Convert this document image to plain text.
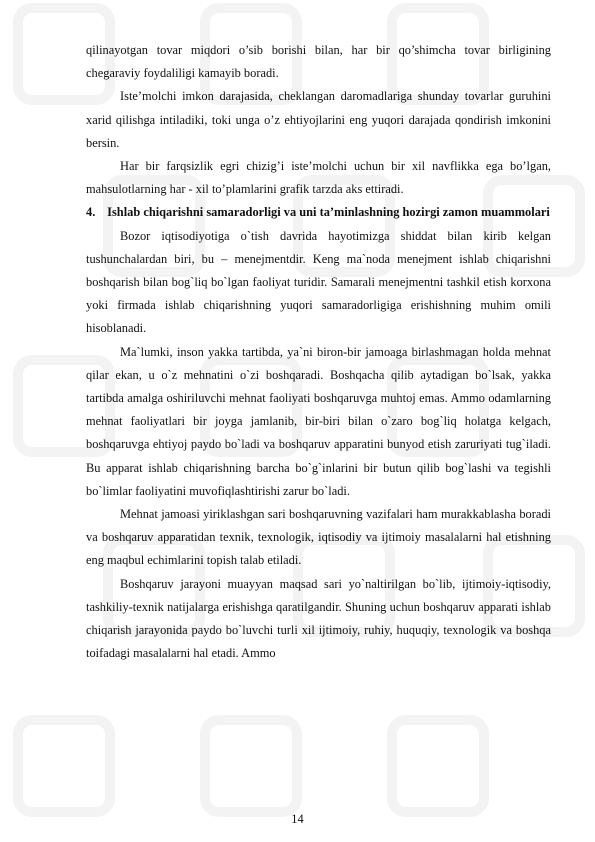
qilinayotgan tovar miqdori o’sib borishi bilan, har bir qo’shimcha tovar birligining chegaraviy foydaliligi kamayib boradi.

Iste’molchi imkon darajasida, cheklangan daromadlariga shunday tovarlar guruhini xarid qilishga intiladiki, toki unga o’z ehtiyojlarini eng yuqori darajada qondirish imkonini bersin.

Har bir farqsizlik egri chizig’i iste’molchi uchun bir xil navflikka ega bo’lgan, mahsulotlarning har - xil to’plamlarini grafik tarzda aks ettiradi.

4. Ishlab chiqarishni samaradorligi va uni ta’minlashning hozirgi zamon muammolari

Bozor iqtisodiyotiga o`tish davrida hayotimizga shiddat bilan kirib kelgan tushunchalardan biri, bu – menejmentdir. Keng ma`noda menejment ishlab chiqarishni boshqarish bilan bog`liq bo`lgan faoliyat turidir. Samarali menejmentni tashkil etish korxona yoki firmada ishlab chiqarishning yuqori samaradorligiga erishishning muhim omili hisoblanadi.

Ma`lumki, inson yakka tartibda, ya`ni biron-bir jamoaga birlashmagan holda mehnat qilar ekan, u o`z mehnatini o`zi boshqaradi. Boshqacha qilib aytadigan bo`lsak, yakka tartibda amalga oshiriluvchi mehnat faoliyati boshqaruvga muhtoj emas. Ammo odamlarning mehnat faoliyatlari bir joyga jamlanib, bir-biri bilan o`zaro bog`liq holatga kelgach, boshqaruvga ehtiyoj paydo bo`ladi va boshqaruv apparatini bunyod etish zaruriyati tug`iladi. Bu apparat ishlab chiqarishning barcha bo`g`inlarini bir butun qilib bog`lashi va tegishli bo`limlar faoliyatini muvofiqlashtirishi zarur bo`ladi.

Mehnat jamoasi yiriklashgan sari boshqaruvning vazifalari ham murakkablasha boradi va boshqaruv apparatidan texnik, texnologik, iqtisodiy va ijtimoiy masalalarni hal etishning eng maqbul echimlarini topish talab etiladi.

Boshqaruv jarayoni muayyan maqsad sari yo`naltirilgan bo`lib, ijtimoiy-iqtisodiy, tashkiliy-texnik natijalarga erishishga qaratilgandir. Shuning uchun boshqaruv apparati ishlab chiqarish jarayonida paydo bo`luvchi turli xil ijtimoiy, ruhiy, huquqiy, texnologik va boshqa toifadagi masalalarni hal etadi. Ammo

14
